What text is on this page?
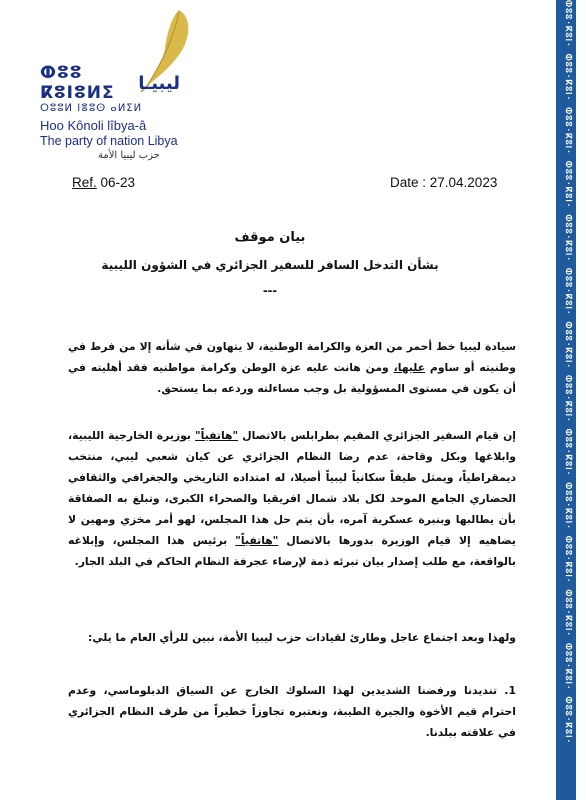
ⵀⵓⵓ·ⴽⵓⵏ· ⵀⵓⵓ·ⴽⵓⵏ· ⵀⵓⵓ·ⴽⵓⵏ· ⵀⵓⵓ·ⴽⵓⵏ· ⵀⵓⵓ·ⴽⵓⵏ· ⵀⵓⵓ·ⴽⵓⵏ· ⵀⵓⵓ·ⴽⵓⵏ· ⵀⵓⵓ·ⴽⵓⵏ· ⵀⵓⵓ·ⴽⵓⵏ· ⵀⵓⵓ·ⴽⵓⵏ· ⵀⵓⵓ·ⴽⵓⵏ· ⵀⵓⵓ·ⴽⵓⵏ· ⵀⵓⵓ·ⴽⵓⵏ· ⵀⵓⵓ·ⴽⵓⵏ·
ⵀⵓⵓ ⴽⵓⵏⵓⵍⵉ	ليبيـا
ⵔⵓⵓⵍ ⵏⴻⵓⵙ ⴰⵍⵉⵍ
Hoo Kônoli lîbya-â
The party of nation Libya
حزب ليبيا الأمة
Ref. 06-23	Date : 27.04.2023
بيان موقف
بشأن التدخل السافر للسفير الجزائري في الشؤون الليبية
---
سيادة ليبيا خط أحمر من العزة والكرامة الوطنية، لا يتهاون في شأنه إلا من فرط في وطنيته أو ساوم عليها، ومن هانت عليه عزة الوطن وكرامة مواطنيه فقد أهليته في أن يكون في مستوى المسؤولية بل وجب مساءلته وردعه بما يستحق.
إن قيام السفير الجزائري المقيم بطرابلس بالاتصال "هاتفياً" بوزيرة الخارجية الليبية، وابلاغها وبكل وقاحة، عدم رضا النظام الجزائري عن كيان شعبي ليبي، منتخب ديمقراطياً، ويمثل طيفاً سكانياً ليبياً أصيلا، له امتداده التاريخي والجغرافي والثقافي الحضاري الجامع الموحد لكل بلاد شمال افريقيا والصحراء الكبرى، وتبلغ به الصفاقة بأن يطالبها وبنبرة عسكرية آمره، بأن يتم حل هذا المجلس، لهو أمر مخزي ومهين لا يضاهيه إلا قيام الوزيرة بدورها بالاتصال "هاتفياً" برئيس هذا المجلس، وإبلاغه بالواقعة، مع طلب إصدار بيان تبرئه ذمة لإرضاء عجرفة النظام الحاكم في البلد الجار.
ولهذا وبعد اجتماع عاجل وطارئ لقيادات حزب ليبيا الأمة، نبين للرأي العام ما يلي:
1. تنديدنا ورفضنا الشديدين لهذا السلوك الخارج عن السياق الدبلوماسي، وعدم احترام قيم الأخوة والجيرة الطيبة، ونعتبره تجاوزاً خطيراً من طرف النظام الجزائري في علاقته ببلدنا.
